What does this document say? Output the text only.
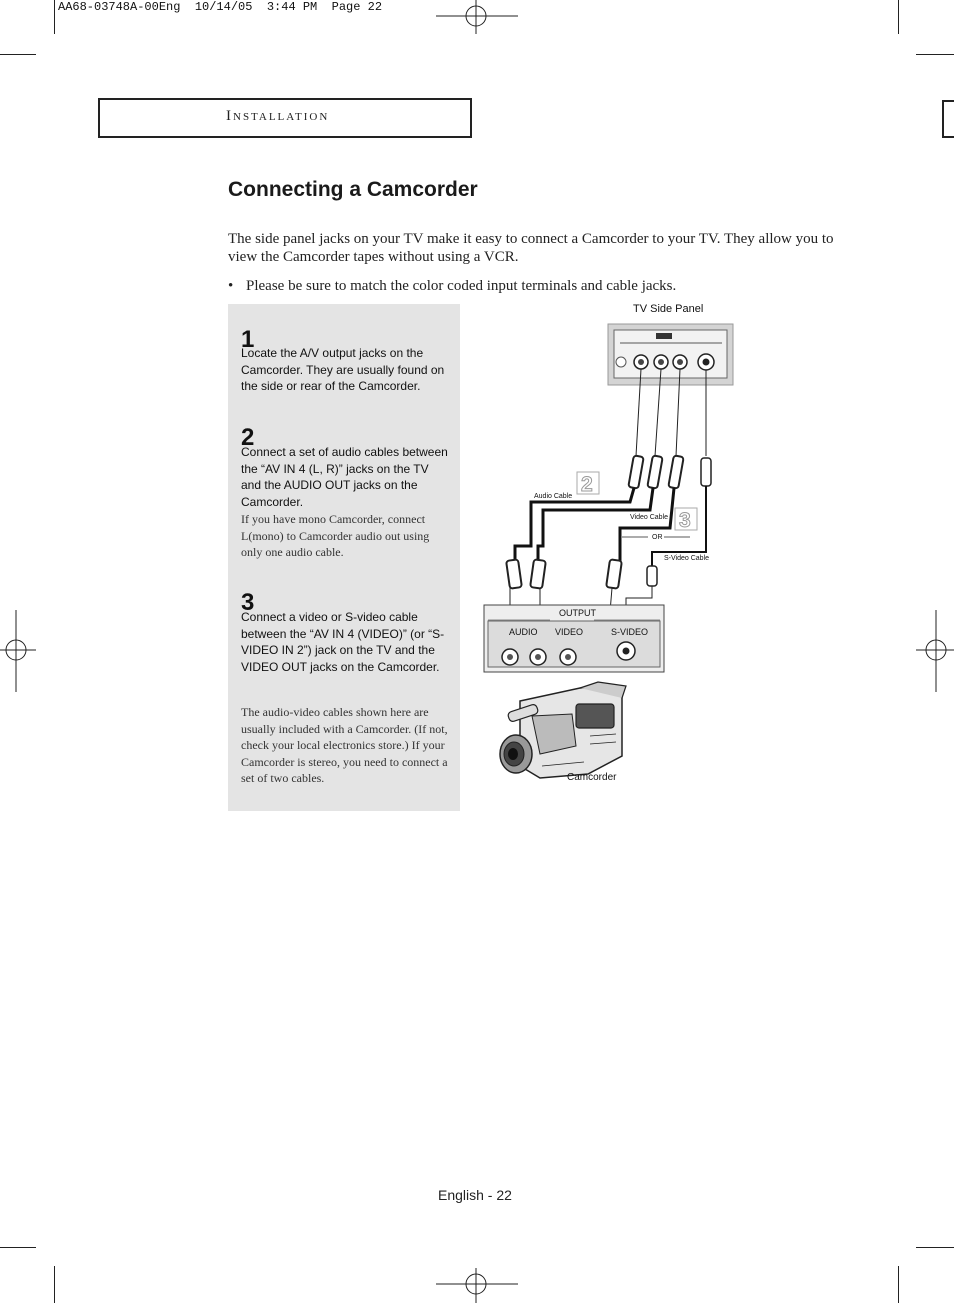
AA68-03748A-00Eng  10/14/05  3:44 PM  Page 22
Installation
Connecting a Camcorder
The side panel jacks on your TV make it easy to connect a Camcorder to your TV. They allow you to view the Camcorder tapes without using a VCR.
• Please be sure to match the color coded input terminals and cable jacks.
1
Locate the A/V output jacks on the Camcorder. They are usually found on the side or rear of the Camcorder.
2
Connect a set of audio cables between the “AV IN 4 (L, R)” jacks on the TV and the AUDIO OUT jacks on the Camcorder.
If you have mono Camcorder, connect L(mono) to Camcorder audio out using only one audio cable.
3
Connect a video or S-video cable between the “AV IN 4 (VIDEO)” (or “S-VIDEO IN 2”) jack on the TV and the VIDEO OUT jacks on the Camcorder.
The audio-video cables shown here are usually included with a Camcorder. (If not, check your local electronics store.) If your Camcorder is stereo, you need to connect a set of two cables.
TV Side Panel
2
3
Audio Cable
Video Cable
OR
S-Video Cable
OUTPUT
AUDIO VIDEO	S-VIDEO
Camcorder
English - 22
